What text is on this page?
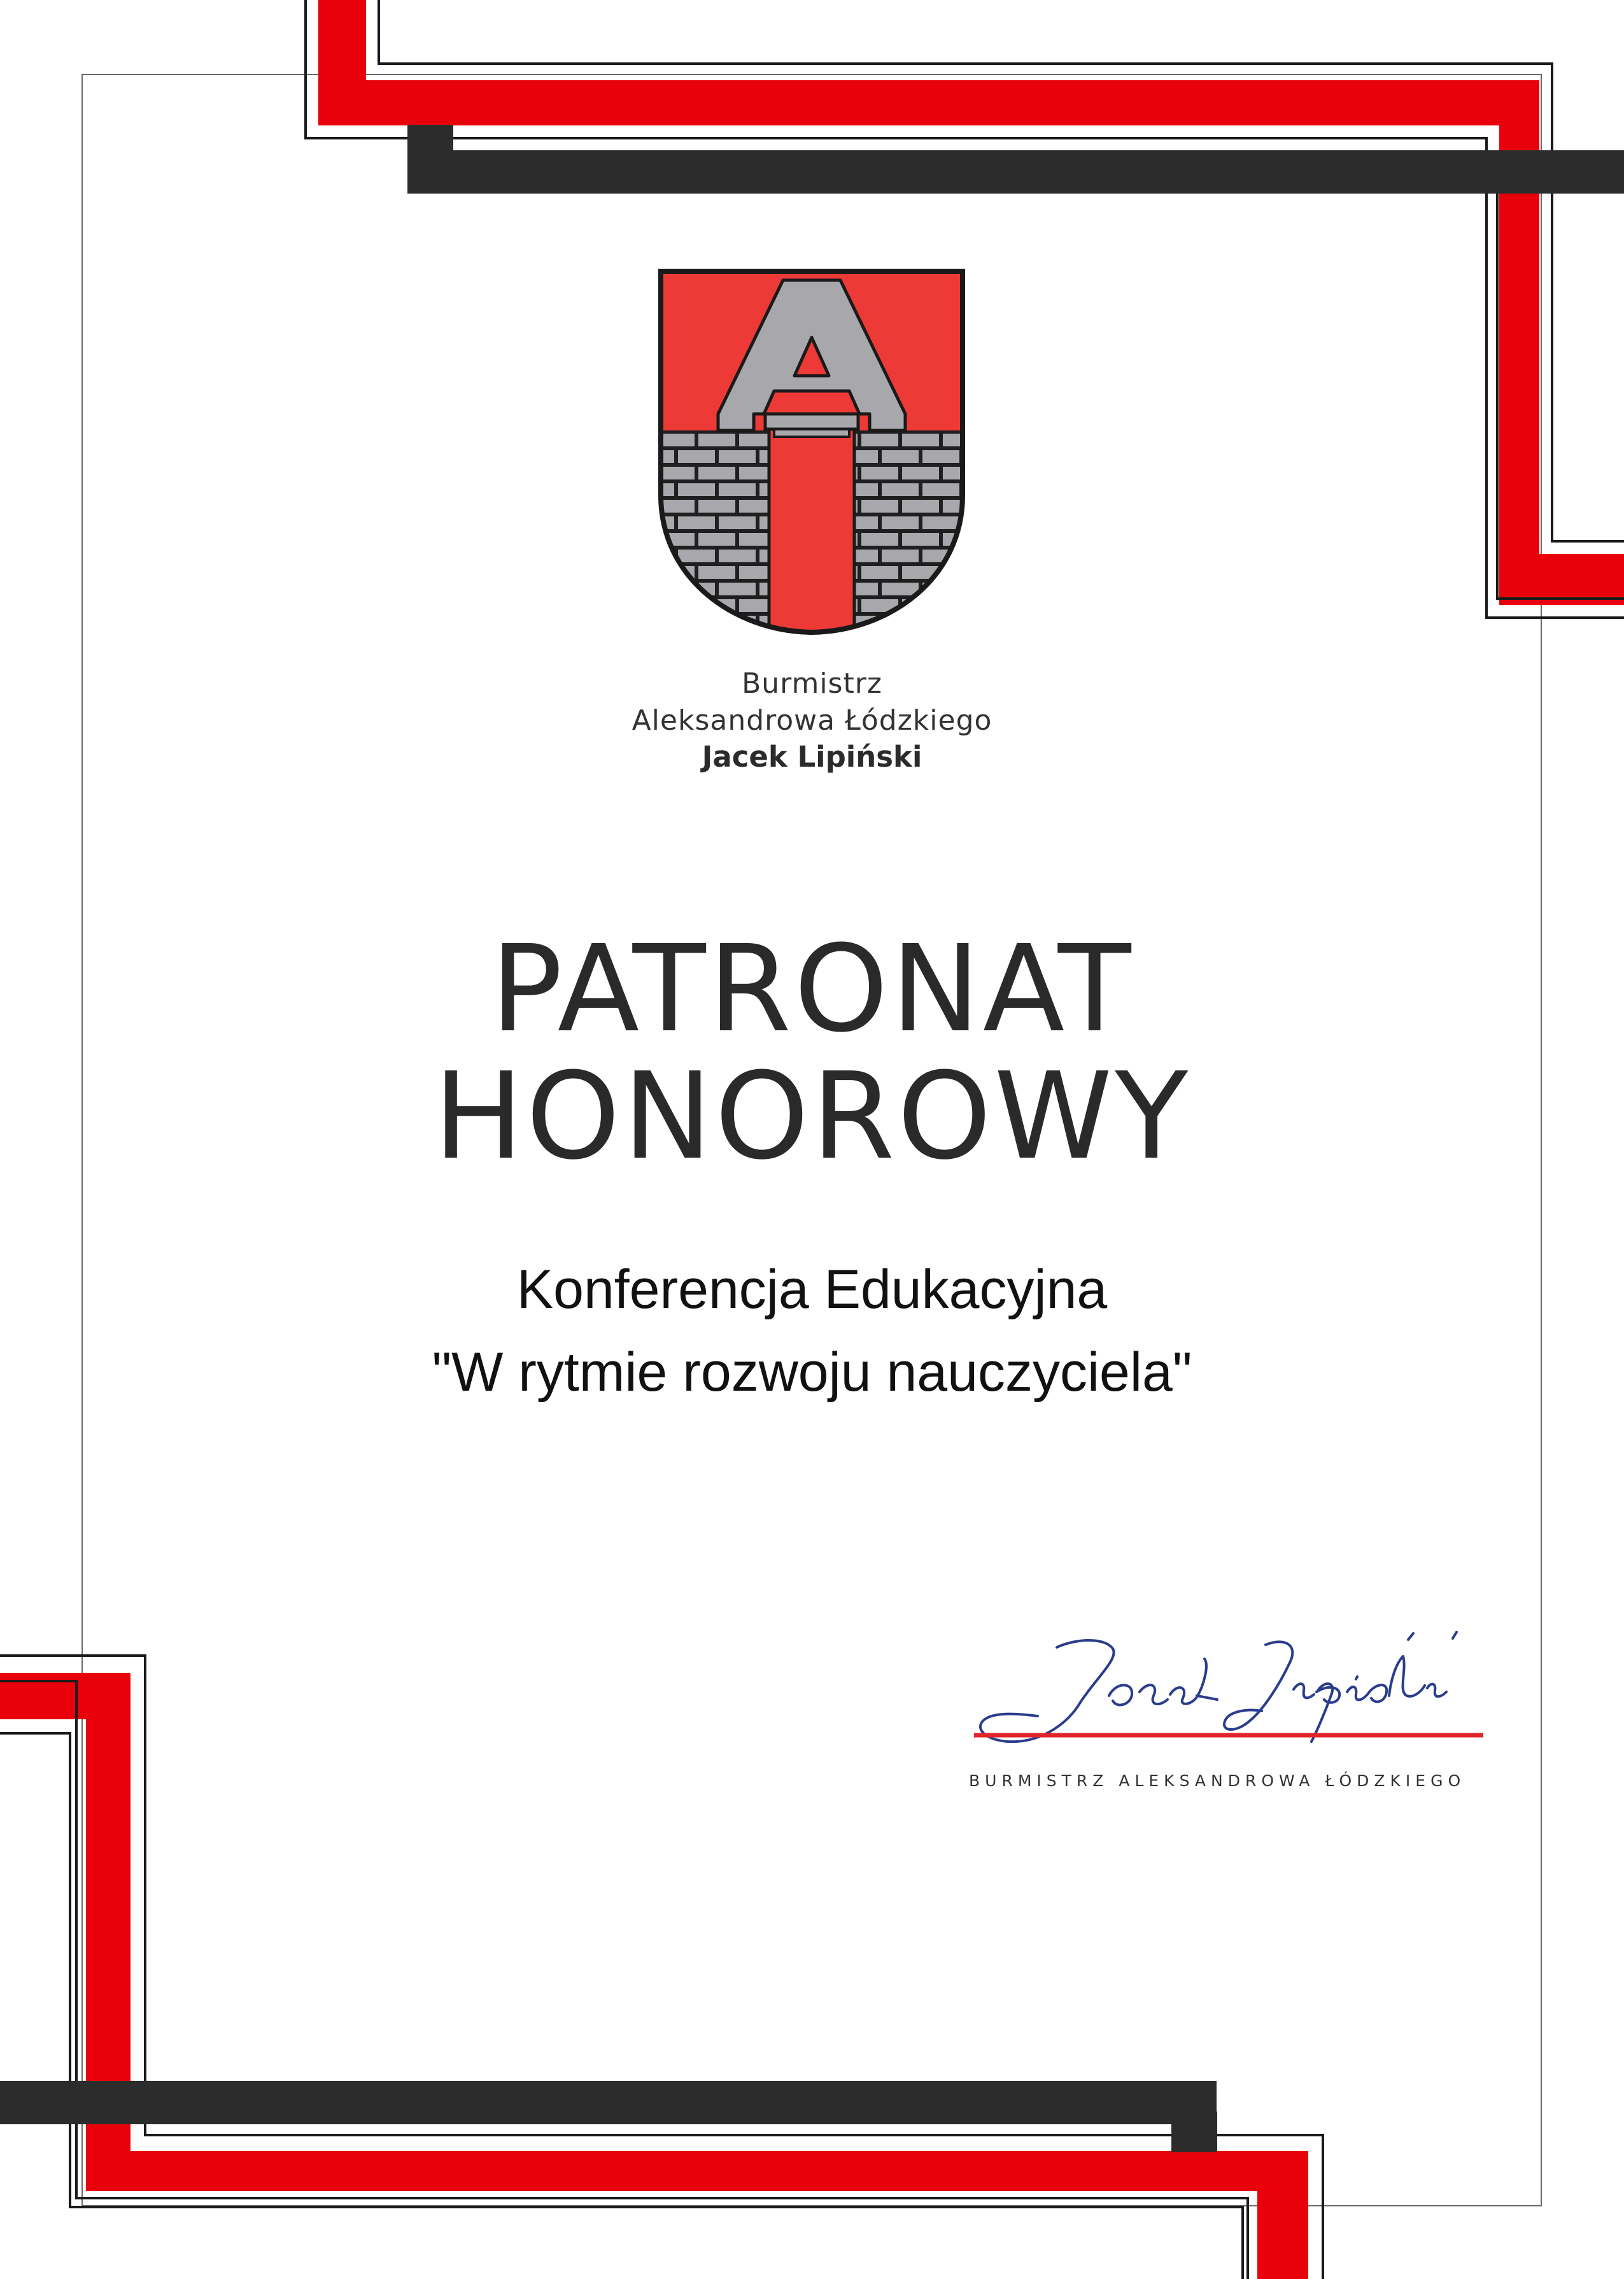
Burmistrz
Aleksandrowa Łódzkiego
Jacek Lipiński
PATRONAT
HONOROWY
Konferencja Edukacyjna
"W rytmie rozwoju nauczyciela"
BURMISTRZ ALEKSANDROWA ŁÓDZKIEGO
